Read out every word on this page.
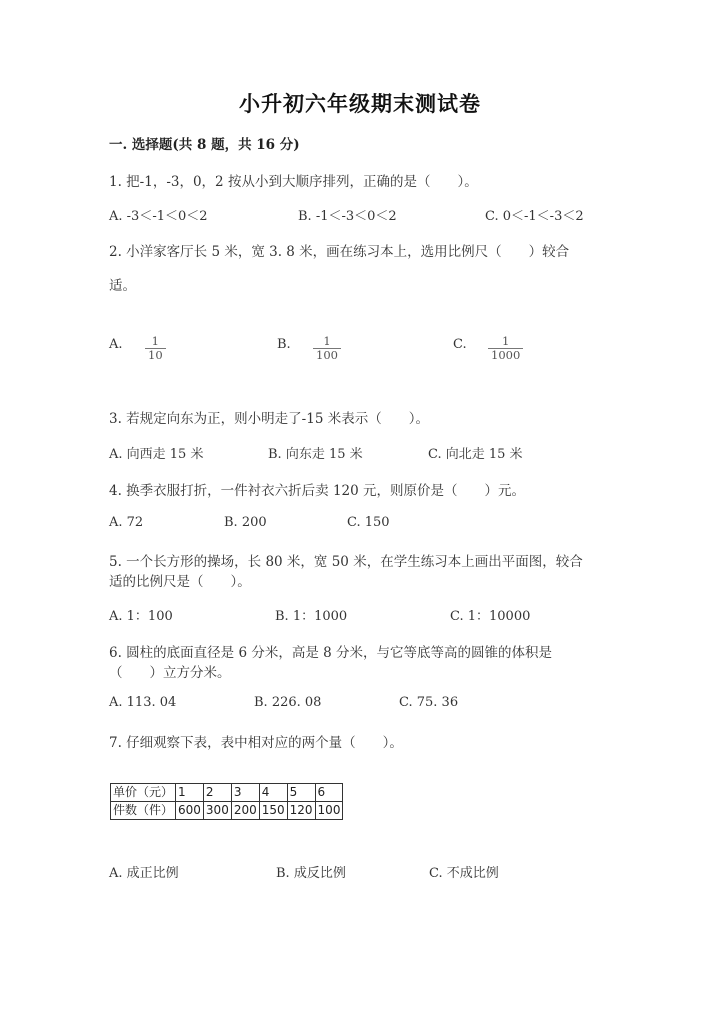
小升初六年级期末测试卷
一. 选择题(共 8 题，共 16 分)
1. 把-1，-3，0，2 按从小到大顺序排列，正确的是（　　）。
A. -3＜-1＜0＜2	B. -1＜-3＜0＜2	C. 0＜-1＜-3＜2
2. 小洋家客厅长 5 米，宽 3. 8 米，画在练习本上，选用比例尺（　　）较合
适。
A. $\frac{1}{10}$	B. $\frac{1}{100}$	C. $\frac{1}{1000}$
3. 若规定向东为正，则小明走了-15 米表示（　　）。
A. 向西走 15 米	B. 向东走 15 米	C. 向北走 15 米
4. 换季衣服打折，一件衬衣六折后卖 120 元，则原价是（　　）元。
A. 72	B. 200	C. 150
5. 一个长方形的操场，长 80 米，宽 50 米，在学生练习本上画出平面图，较合
适的比例尺是（　　）。
A. 1：100	B. 1：1000	C. 1：10000
6. 圆柱的底面直径是 6 分米，高是 8 分米，与它等底等高的圆锥的体积是
（　　）立方分米。
A. 113. 04	B. 226. 08	C. 75. 36
7. 仔细观察下表，表中相对应的两个量（　　）。
单价（元）	1	2	3	4	5	6
件数（件）	600	300	200	150	120	100
A. 成正比例	B. 成反比例	C. 不成比例
